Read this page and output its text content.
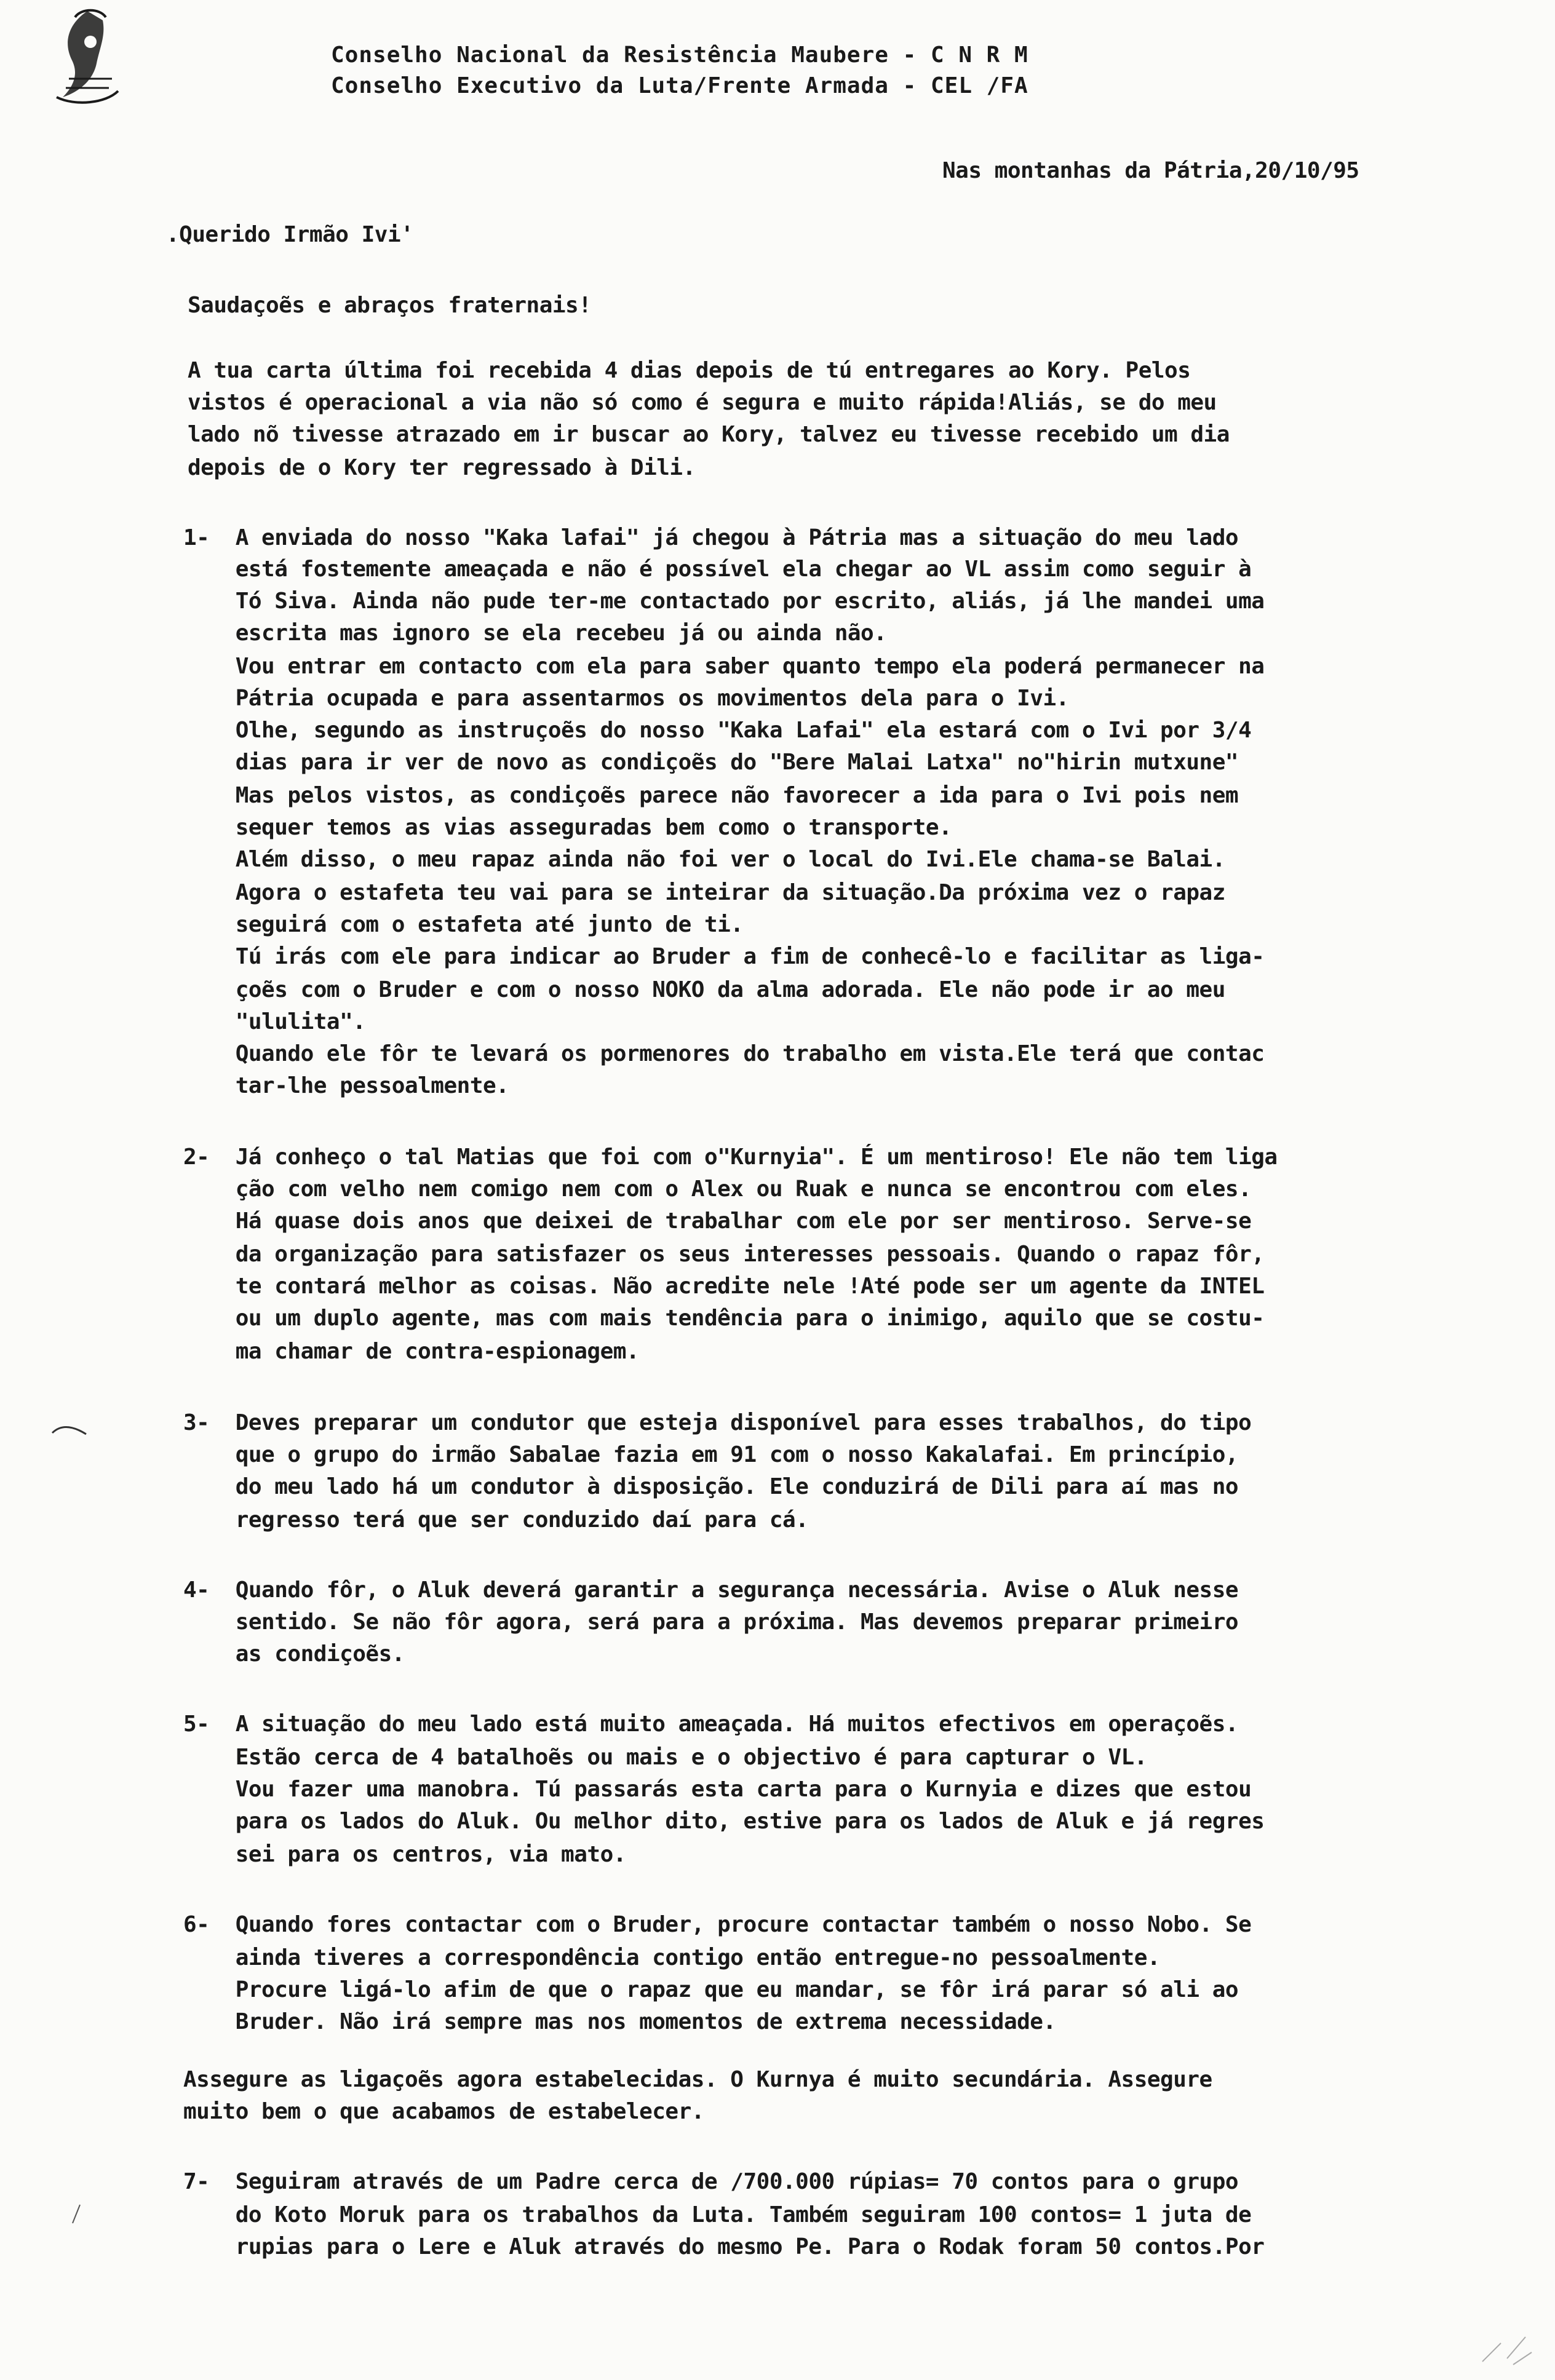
Conselho Nacional da Resistência Maubere - C N R M
Conselho Executivo da Luta/Frente Armada - CEL /FA
Nas montanhas da Pátria,20/10/95
.Querido Irmão Ivi'
Saudaçoẽs e abraços fraternais!
A tua carta última foi recebida 4 dias depois de tú entregares ao Kory. Pelos
vistos é operacional a via não só como é segura e muito rápida!Aliás, se do meu
lado nõ tivesse atrazado em ir buscar ao Kory, talvez eu tivesse recebido um dia
depois de o Kory ter regressado à Dili.
1-  A enviada do nosso "Kaka lafai" já chegou à Pátria mas a situação do meu lado
está fostemente ameaçada e não é possível ela chegar ao VL assim como seguir à
Tó Siva. Ainda não pude ter-me contactado por escrito, aliás, já lhe mandei uma
escrita mas ignoro se ela recebeu já ou ainda não.
Vou entrar em contacto com ela para saber quanto tempo ela poderá permanecer na
Pátria ocupada e para assentarmos os movimentos dela para o Ivi.
Olhe, segundo as instruçoẽs do nosso "Kaka Lafai" ela estará com o Ivi por 3/4
dias para ir ver de novo as condiçoẽs do "Bere Malai Latxa" no"hirin mutxune"
Mas pelos vistos, as condiçoẽs parece não favorecer a ida para o Ivi pois nem
sequer temos as vias asseguradas bem como o transporte.
Além disso, o meu rapaz ainda não foi ver o local do Ivi.Ele chama-se Balai.
Agora o estafeta teu vai para se inteirar da situação.Da próxima vez o rapaz
seguirá com o estafeta até junto de ti.
Tú irás com ele para indicar ao Bruder a fim de conhecê-lo e facilitar as liga-
çoẽs com o Bruder e com o nosso NOKO da alma adorada. Ele não pode ir ao meu
"ululita".
Quando ele fôr te levará os pormenores do trabalho em vista.Ele terá que contac
tar-lhe pessoalmente.
2-  Já conheço o tal Matias que foi com o"Kurnyia". É um mentiroso! Ele não tem liga
ção com velho nem comigo nem com o Alex ou Ruak e nunca se encontrou com eles.
Há quase dois anos que deixei de trabalhar com ele por ser mentiroso. Serve-se
da organização para satisfazer os seus interesses pessoais. Quando o rapaz fôr,
te contará melhor as coisas. Não acredite nele !Até pode ser um agente da INTEL
ou um duplo agente, mas com mais tendência para o inimigo, aquilo que se costu-
ma chamar de contra-espionagem.
3-  Deves preparar um condutor que esteja disponível para esses trabalhos, do tipo
que o grupo do irmão Sabalae fazia em 91 com o nosso Kakalafai. Em princípio,
do meu lado há um condutor à disposição. Ele conduzirá de Dili para aí mas no
regresso terá que ser conduzido daí para cá.
4-  Quando fôr, o Aluk deverá garantir a segurança necessária. Avise o Aluk nesse
sentido. Se não fôr agora, será para a próxima. Mas devemos preparar primeiro
as condiçoẽs.
5-  A situação do meu lado está muito ameaçada. Há muitos efectivos em operaçoẽs.
Estão cerca de 4 batalhoẽs ou mais e o objectivo é para capturar o VL.
Vou fazer uma manobra. Tú passarás esta carta para o Kurnyia e dizes que estou
para os lados do Aluk. Ou melhor dito, estive para os lados de Aluk e já regres
sei para os centros, via mato.
6-  Quando fores contactar com o Bruder, procure contactar também o nosso Nobo. Se
ainda tiveres a correspondência contigo então entregue-no pessoalmente.
Procure ligá-lo afim de que o rapaz que eu mandar, se fôr irá parar só ali ao
Bruder. Não irá sempre mas nos momentos de extrema necessidade.
Assegure as ligaçoẽs agora estabelecidas. O Kurnya é muito secundária. Assegure
muito bem o que acabamos de estabelecer.
7-  Seguiram através de um Padre cerca de /700.000 rúpias= 70 contos para o grupo
do Koto Moruk para os trabalhos da Luta. Também seguiram 100 contos= 1 juta de
rupias para o Lere e Aluk através do mesmo Pe. Para o Rodak foram 50 contos.Por
